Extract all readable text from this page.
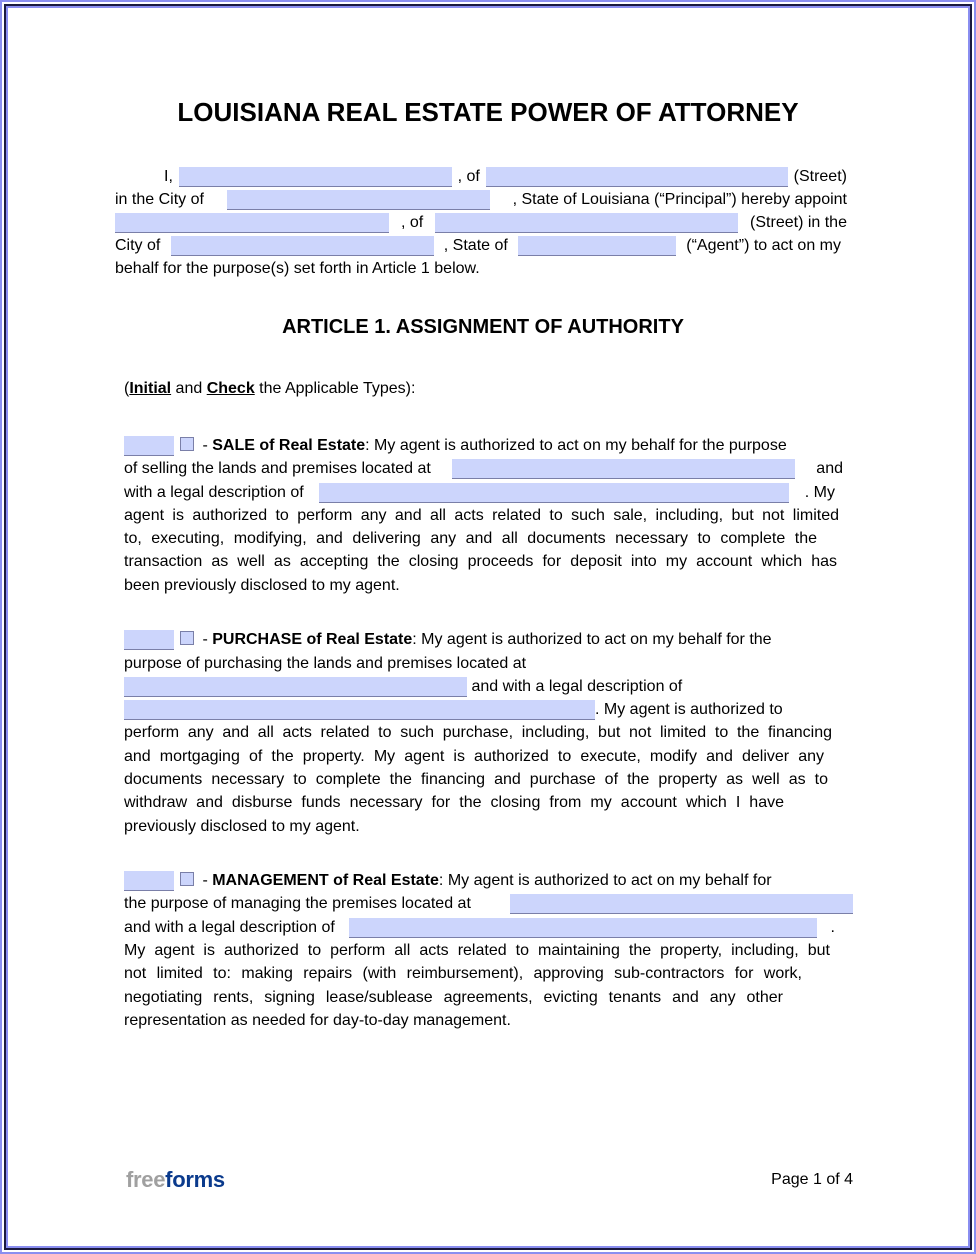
LOUISIANA REAL ESTATE POWER OF ATTORNEY
I,	, of	(Street)
in the City of	, State of Louisiana (“Principal”) hereby appoint
, of	(Street) in the
City of	, State of	(“Agent”) to act on my
behalf for the purpose(s) set forth in Article 1 below.
ARTICLE 1. ASSIGNMENT OF AUTHORITY
(Initial and Check the Applicable Types):
- SALE of Real Estate: My agent is authorized to act on my behalf for the purpose
of selling the lands and premises located at	and
with a legal description of	. My
agent is authorized to perform any and all acts related to such sale, including, but not limited
to, executing, modifying, and delivering any and all documents necessary to complete the
transaction as well as accepting the closing proceeds for deposit into my account which has
been previously disclosed to my agent.
- PURCHASE of Real Estate: My agent is authorized to act on my behalf for the
purpose of purchasing the lands and premises located at
and with a legal description of
. My agent is authorized to
perform any and all acts related to such purchase, including, but not limited to the financing
and mortgaging of the property. My agent is authorized to execute, modify and deliver any
documents necessary to complete the financing and purchase of the property as well as to
withdraw and disburse funds necessary for the closing from my account which I have
previously disclosed to my agent.
- MANAGEMENT of Real Estate: My agent is authorized to act on my behalf for
the purpose of managing the premises located at
and with a legal description of	.
My agent is authorized to perform all acts related to maintaining the property, including, but
not limited to: making repairs (with reimbursement), approving sub-contractors for work,
negotiating rents, signing lease/sublease agreements, evicting tenants and any other
representation as needed for day-to-day management.
freeforms	Page 1 of 4
